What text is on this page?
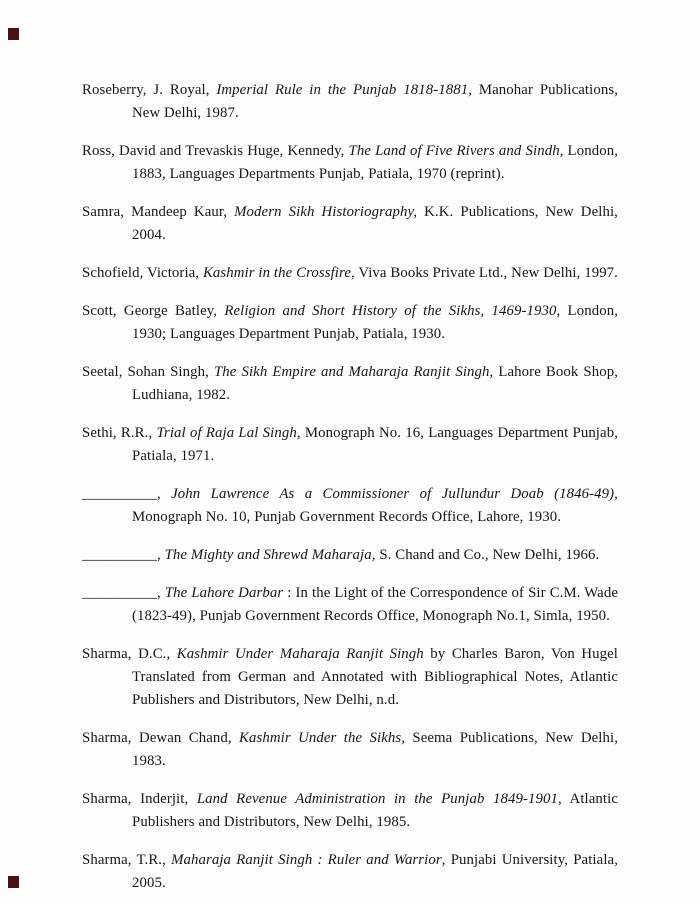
Roseberry, J. Royal, Imperial Rule in the Punjab 1818-1881, Manohar Publications, New Delhi, 1987.

Ross, David and Trevaskis Huge, Kennedy, The Land of Five Rivers and Sindh, London, 1883, Languages Departments Punjab, Patiala, 1970 (reprint).

Samra, Mandeep Kaur, Modern Sikh Historiography, K.K. Publications, New Delhi, 2004.

Schofield, Victoria, Kashmir in the Crossfire, Viva Books Private Ltd., New Delhi, 1997.

Scott, George Batley, Religion and Short History of the Sikhs, 1469-1930, London, 1930; Languages Department Punjab, Patiala, 1930.

Seetal, Sohan Singh, The Sikh Empire and Maharaja Ranjit Singh, Lahore Book Shop, Ludhiana, 1982.

Sethi, R.R., Trial of Raja Lal Singh, Monograph No. 16, Languages Department Punjab, Patiala, 1971.

__________, John Lawrence As a Commissioner of Jullundur Doab (1846-49), Monograph No. 10, Punjab Government Records Office, Lahore, 1930.

__________, The Mighty and Shrewd Maharaja, S. Chand and Co., New Delhi, 1966.

__________, The Lahore Darbar : In the Light of the Correspondence of Sir C.M. Wade (1823-49), Punjab Government Records Office, Monograph No.1, Simla, 1950.

Sharma, D.C., Kashmir Under Maharaja Ranjit Singh by Charles Baron, Von Hugel Translated from German and Annotated with Bibliographical Notes, Atlantic Publishers and Distributors, New Delhi, n.d.

Sharma, Dewan Chand, Kashmir Under the Sikhs, Seema Publications, New Delhi, 1983.

Sharma, Inderjit, Land Revenue Administration in the Punjab 1849-1901, Atlantic Publishers and Distributors, New Delhi, 1985.

Sharma, T.R., Maharaja Ranjit Singh : Ruler and Warrior, Punjabi University, Patiala, 2005.
